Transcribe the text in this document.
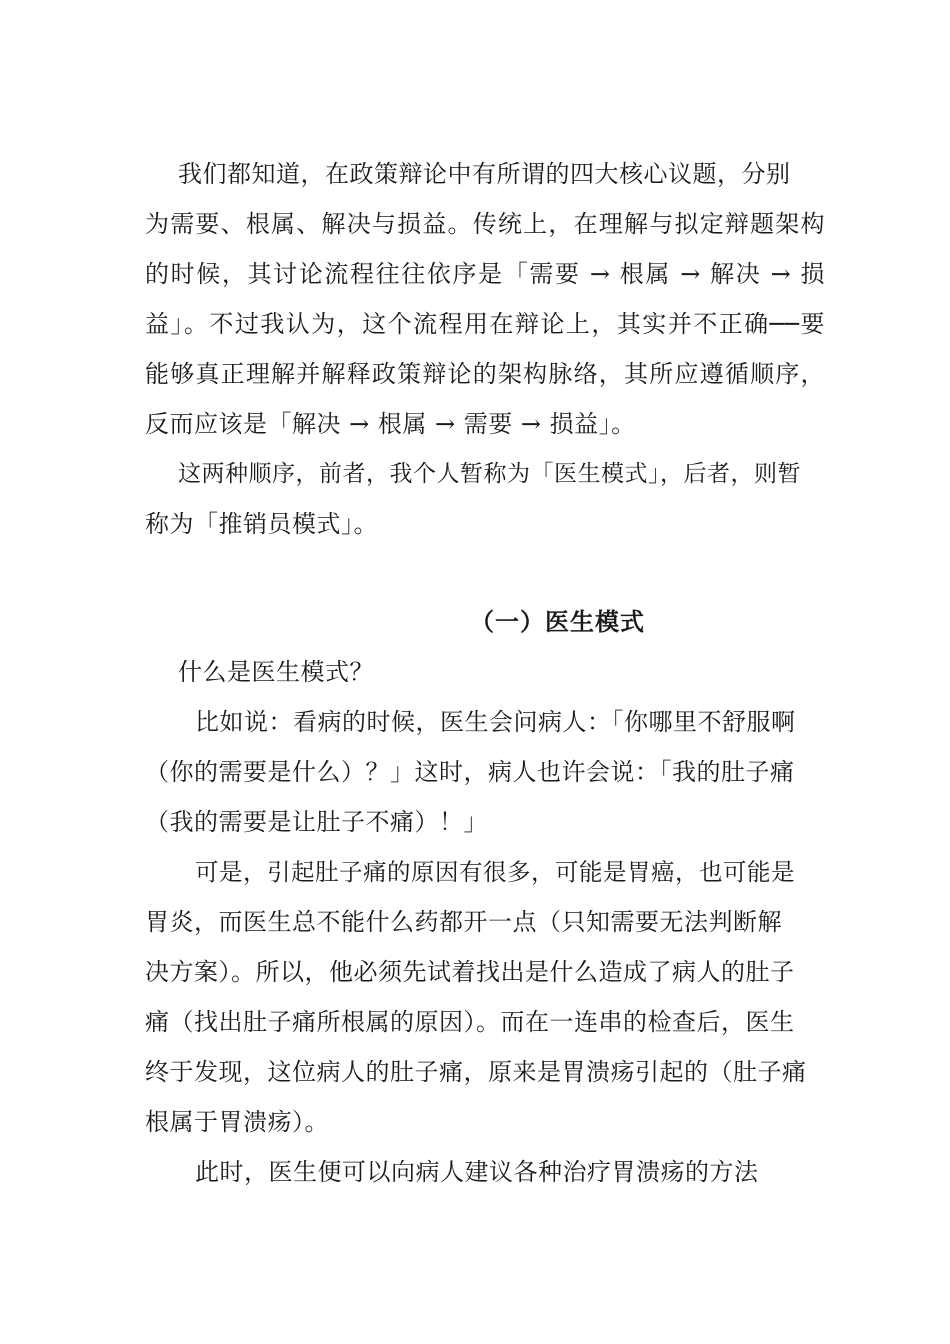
我们都知道，在政策辩论中有所谓的四大核心议题，分别
为需要、根属、解决与损益。传统上，在理解与拟定辩题架构
的时候，其讨论流程往往依序是「需要 → 根属 → 解决 → 损
益」。不过我认为，这个流程用在辩论上，其实并不正确──要
能够真正理解并解释政策辩论的架构脉络，其所应遵循顺序，
反而应该是「解决 → 根属 → 需要 → 损益」。
这两种顺序，前者，我个人暂称为「医生模式」，后者，则暂
称为「推销员模式」。
（一）医生模式
什么是医生模式？
比如说：看病的时候，医生会问病人：「你哪里不舒服啊
（你的需要是什么）？」这时，病人也许会说：「我的肚子痛
（我的需要是让肚子不痛）！」
可是，引起肚子痛的原因有很多，可能是胃癌，也可能是
胃炎，而医生总不能什么药都开一点（只知需要无法判断解
决方案）。所以，他必须先试着找出是什么造成了病人的肚子
痛（找出肚子痛所根属的原因）。而在一连串的检查后，医生
终于发现，这位病人的肚子痛，原来是胃溃疡引起的（肚子痛
根属于胃溃疡）。
此时，医生便可以向病人建议各种治疗胃溃疡的方法
